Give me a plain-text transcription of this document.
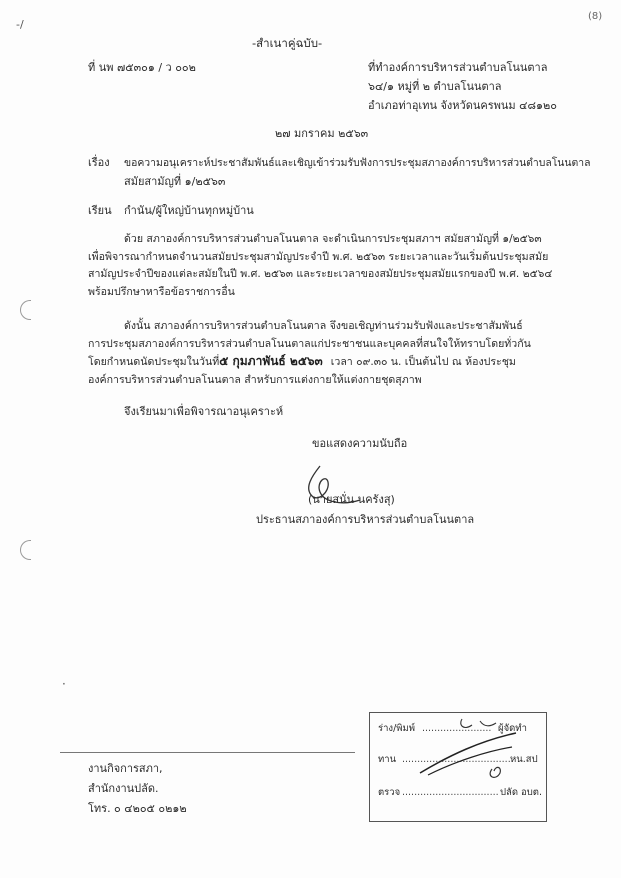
(8)
-/
-สำเนาคู่ฉบับ-
ที่ นพ ๗๕๓๐๑ / ว ๐๐๒	ที่ทำองค์การบริหารส่วนตำบลโนนตาล
๖๔/๑ หมู่ที่ ๒ ตำบลโนนตาล
อำเภอท่าอุเทน จังหวัดนครพนม ๔๘๑๒๐
๒๗ มกราคม ๒๕๖๓
เรื่อง ขอความอนุเคราะห์ประชาสัมพันธ์และเชิญเข้าร่วมรับฟังการประชุมสภาองค์การบริหารส่วนตำบลโนนตาล
สมัยสามัญที่ ๑/๒๕๖๓
เรียน กำนัน/ผู้ใหญ่บ้านทุกหมู่บ้าน
ด้วย สภาองค์การบริหารส่วนตำบลโนนตาล จะดำเนินการประชุมสภาฯ สมัยสามัญที่ ๑/๒๕๖๓
เพื่อพิจารณากำหนดจำนวนสมัยประชุมสามัญประจำปี พ.ศ. ๒๕๖๓ ระยะเวลาและวันเริ่มต้นประชุมสมัย
สามัญประจำปีของแต่ละสมัยในปี พ.ศ. ๒๕๖๓ และระยะเวลาของสมัยประชุมสมัยแรกของปี พ.ศ. ๒๕๖๔
พร้อมปรึกษาหารือข้อราชการอื่น
ดังนั้น สภาองค์การบริหารส่วนตำบลโนนตาล จึงขอเชิญท่านร่วมรับฟังและประชาสัมพันธ์
การประชุมสภาองค์การบริหารส่วนตำบลโนนตาลแก่ประชาชนและบุคคลที่สนใจให้ทราบโดยทั่วกัน
โดยกำหนดนัดประชุมในวันที่๕ กุมภาพันธ์ ๒๕๖๓ เวลา ๐๙.๓๐ น. เป็นต้นไป ณ ห้องประชุม
องค์การบริหารส่วนตำบลโนนตาล สำหรับการแต่งกายให้แต่งกายชุดสุภาพ
จึงเรียนมาเพื่อพิจารณาอนุเคราะห์
ขอแสดงความนับถือ
(นายสนั่น นครังสุ)
ประธานสภาองค์การบริหารส่วนตำบลโนนตาล
·
ร่าง/พิมพ์ ....................... ผู้จัดทำ
ทาน .....................................
หน.สป
ตรวจ ................................ ปลัด อบต.
งานกิจการสภา,
สำนักงานปลัด.
โทร. ๐ ๔๒๐๕ ๐๒๑๒
